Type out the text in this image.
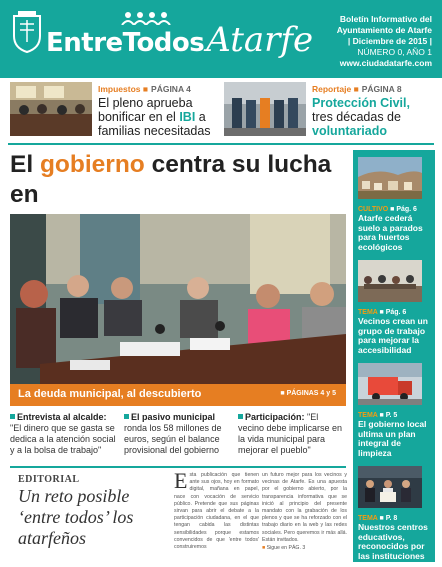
EntreTodosAtarfe
Boletín Informativo del
Ayuntamiento de Atarfe
| Diciembre de 2015 |
NÚMERO 0, AÑO 1
www.ciudadatarfe.com
Impuestos ■ PÁGINA 4
El pleno aprueba bonificar en el IBI a familias necesitadas
Reportaje ■ PÁGINA 8
Protección Civil,
tres décadas de
voluntariado
El gobierno centra su lucha en

La deuda municipal, al descubierto	■ PÁGINAS 4 y 5
Entrevista al alcalde: "El dinero que se gasta se dedica a la atención social y a la bolsa de trabajo"
El pasivo municipal ronda los 58 millones de euros, según el balance provisional del gobierno
Participación: "El vecino debe implicarse en la vida municipal para mejorar el pueblo"
EDITORIAL
Un reto posible ‘entre todos’ los atarfeños
Esta publicación que tienen ante sus ojos, hoy en formato digital, mañana en papel, nace con vocación de servicio público. Pretende que sus páginas sirvan para abrir el debate a la participación ciudadana, en el que tengan cabida las distintas sensibilidades porque estamos convencidos de que 'entre todos' construiremos
un futuro mejor para los vecinos y vecinas de Atarfe. Es una apuesta por el gobierno abierto, por la transparencia informativa que se inició al principio del presente mandato con la grabación de los plenos y que se ha reforzado con el trabajo diario en la web y las redes sociales. Pero queremos ir más allá. Están invitados.
■ Sigue en PÁG. 3
CULTIVO ■ Pág. 6
Atarfe cederá suelo a parados para huertos ecológicos
TEMA ■ Pág. 6
Vecinos crean un grupo de trabajo para mejorar la accesibilidad
TEMA ■ P. 5
El gobierno local ultima un plan integral de limpieza
TEMA ■ P. 8
Nuestros centros educativos, reconocidos por las instituciones
